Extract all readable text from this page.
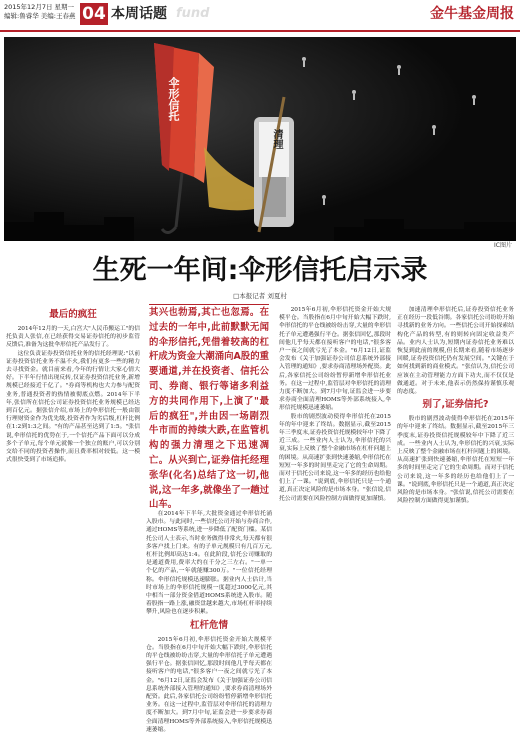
2015年12月7日 星期一
编辑:鲁睿华 美编:王春燕 04 本周话题 fund	金牛基金周报
伞形信托
清理
IC图片
生死一年间:伞形信托启示录
□本报记者 刘夏村
最后的疯狂

2014年12月的一天,白宫大"人民币搬运工"的信托负责人张信,在已经获得交易证券信托的初步监管反馈后,准备为这批伞形信托产品发行了。

这位负责证券投资信托业务的信托经理说:"以前证券投资信托业务不温不火,我们有更多一些的精力去寻找资金。就目前来看,今年的行情让大家心情大好。下半年行情出现反转,仅证券投资信托业务,新增规模已经接近千亿了。"券商等机构也大力参与配资业务,普通投资者的热情被彻底点燃。2014年下半年,张信所在信托公司证券投资信托业务规模已经达到百亿元。据张信介绍,市场上的伞形信托一般由银行理财资金作为优先级,投资者作为劣后级,杠杆比例在1:2到1:3之间。"有的产品甚至达到了1:5。"张信说,伞形信托的优势在于,一个信托产品下面可以分成多个子单元,每个单元就像一个独立的账户,可以分别交给不同的投资者操作,而且费率相对较低。这一模式很快受到了市场追捧。

其兴也勃焉,其亡也忽焉。在过去的一年中,此前默默无闻的伞形信托,凭借着较高的杠杆成为资金大潮涌向A股的重要通道,并在投资者、信托公司、券商、银行等诸多利益方的共同作用下,上演了"最后的疯狂",并由因一场剧烈牛市而的持续大跌,在监管机构的强力清理之下迅速凋亡。从兴到亡,证券信托经理张华(化名)总结了这一切,他说,这一年多,就像坐了一趟过山车。

在2014年下半年,大批资金通过伞形信托涌入股市。与此同时,一些信托公司开始与券商合作,通过HOMS等系统,进一步降低了配资门槛。某信托公司人士表示,当时业务做得非常火,每天都有很多客户找上门来。有的子单元规模只有几百万元,杠杆比例却高达1:4。在此阶段,信托公司赚取的是通道费用,费率大约在千分之三左右。"一单一个亿的产品,一年就能赚300万。"一位信托经理称。伞形信托规模迅速膨胀。据业内人士估计,当时市场上的伞形信托规模一度超过3000亿元,其中相当一部分资金借道HOMS系统进入股市。随着股指一路上涨,融资盘越来越大,市场杠杆率持续攀升,风险也在逐步积累。

杠杆危情

2015年6月初,伞形信托资金开始大规模平仓。当股指在6月中旬开始大幅下跌时,伞形信托的平仓线被纷纷击穿,大量的伞形信托子单元遭遇强行平仓。据张信回忆,那段时间他几乎每天都在接听客户的电话,"很多客户一夜之间就亏光了本金。"6月12日,证监会发布《关于加强证券公司信息系统外部接入管理的通知》,要求券商清理场外配资。此后,各家信托公司纷纷暂停新增伞形信托业务。在这一过程中,监管层对伞形信托的清理力度不断加大。到7月中旬,证监会进一步要求券商全面清理HOMS等外部系统接入,伞形信托规模迅速萎缩。

2015年6月初,伞形信托资金开始大规模平仓。当股指在6月中旬开始大幅下跌时,伞形信托的平仓线被纷纷击穿,大量的伞形信托子单元遭遇强行平仓。据张信回忆,那段时间他几乎每天都在接听客户的电话,"很多客户一夜之间就亏光了本金。"6月12日,证监会发布《关于加强证券公司信息系统外部接入管理的通知》,要求券商清理场外配资。此后,各家信托公司纷纷暂停新增伞形信托业务。在这一过程中,监管层对伞形信托的清理力度不断加大。到7月中旬,证监会进一步要求券商全面清理HOMS等外部系统接入,伞形信托规模迅速萎缩。

股市的剧烈波动使得伞形信托在2015年的年中迎来了终结。数据显示,截至2015年三季度末,证券投资信托规模较年中下降了近三成。一些业内人士认为,伞形信托的兴衰,实际上反映了整个金融市场在杠杆问题上的困境。从高速扩张到快速萎缩,伞形信托在短短一年多的时间里走完了它的生命周期。而对于信托公司来说,这一年多的经历也给他们上了一课。"说到底,伞形信托只是一个通道,真正决定风险的是市场本身。"张信说,信托公司需要在风险控制方面做得更加谨慎。

加速清理伞形信托后,证券投资信托业务正在经历一段低谷期。各家信托公司纷纷开始寻找新的业务方向。一些信托公司开始探索结构化产品的转型,有的则转向固定收益类产品。业内人士认为,短期内证券信托业务难以恢复到此前的规模,但长期来看,随着市场逐步回暖,证券投资信托仍有发展空间。"关键在于如何找到新的商业模式。"张信认为,信托公司应该在主动管理能力方面下功夫,而不仅仅是做通道。对于未来,他表示仍然保持谨慎乐观的态度。

别了,证券信托?

股市的剧烈波动使得伞形信托在2015年的年中迎来了终结。数据显示,截至2015年三季度末,证券投资信托规模较年中下降了近三成。一些业内人士认为,伞形信托的兴衰,实际上反映了整个金融市场在杠杆问题上的困境。从高速扩张到快速萎缩,伞形信托在短短一年多的时间里走完了它的生命周期。而对于信托公司来说,这一年多的经历也给他们上了一课。"说到底,伞形信托只是一个通道,真正决定风险的是市场本身。"张信说,信托公司需要在风险控制方面做得更加谨慎。
